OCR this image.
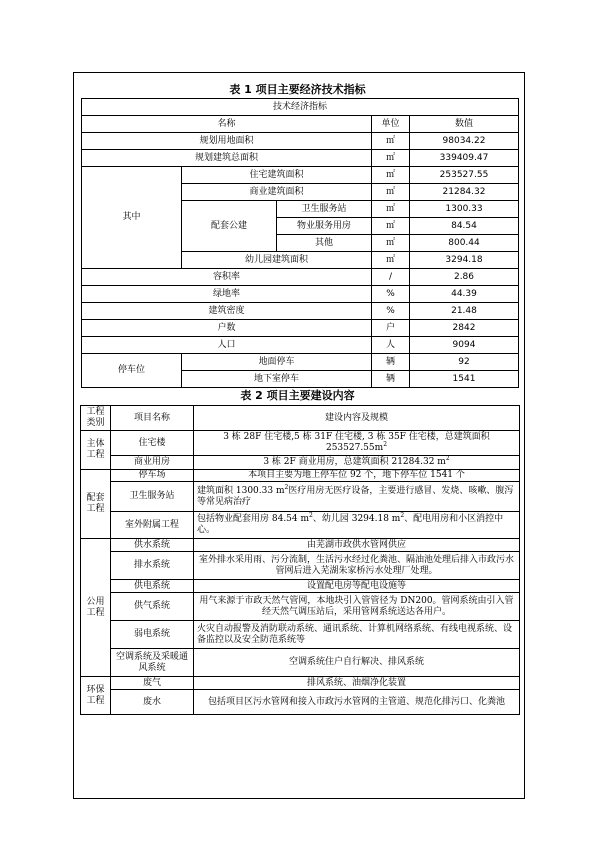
表 1 项目主要经济技术指标
技术经济指标				
名称			单位	数值
规划用地面积			㎡	98034.22
规划建筑总面积			㎡	339409.47
其中	住宅建筑面积		㎡	253527.55
	商业建筑面积		㎡	21284.32
	配套公建	卫生服务站	㎡	1300.33
		物业服务用房	㎡	84.54
		其他	㎡	800.44
	幼儿园建筑面积		㎡	3294.18
容积率			/	2.86
绿地率			%	44.39
建筑密度			%	21.48
户数			户	2842
人口			人	9094
停车位	地面停车		辆	92
	地下室停车		辆	1541
表 2 项目主要建设内容
工程类别	项目名称	建设内容及规模
主体工程	住宅楼	3 栋 28F 住宅楼,5 栋 31F 住宅楼, 3 栋 35F 住宅楼，总建筑面积 $253527.55m^2$
	商业用房	3 栋 2F 商业用房，总建筑面积 21284.32 $m^2$
配套工程	停车场	本项目主要为地上停车位 92 个，地下停车位 1541 个
	卫生服务站	建筑面积 1300.33 $m^2$医疗用房无医疗设备，主要进行感冒、发烧、咳嗽、腹泻等常见病治疗
	室外附属工程	包括物业配套用房 84.54 $m^2$、幼儿园 3294.18 $m^2$、配电用房和小区消控中心。
公用工程	供水系统	由芜湖市政供水管网供应
	排水系统	室外排水采用雨、污分流制，生活污水经过化粪池、隔油池处理后排入市政污水管网后进入芜湖朱家桥污水处理厂处理。
	供电系统	设置配电房等配电设施等
	供气系统	用气来源于市政天然气管网，本地块引入管管径为 DN200。管网系统由引入管经天然气调压站后，采用管网系统送达各用户。
	弱电系统	火灾自动报警及消防联动系统、通讯系统、计算机网络系统、有线电视系统、设备监控以及安全防范系统等
	空调系统及采暖通风系统	空调系统住户自行解决、排风系统
环保工程	废气	排风系统、油烟净化装置
	废水	包括项目区污水管网和接入市政污水管网的主管道、规范化排污口、化粪池
